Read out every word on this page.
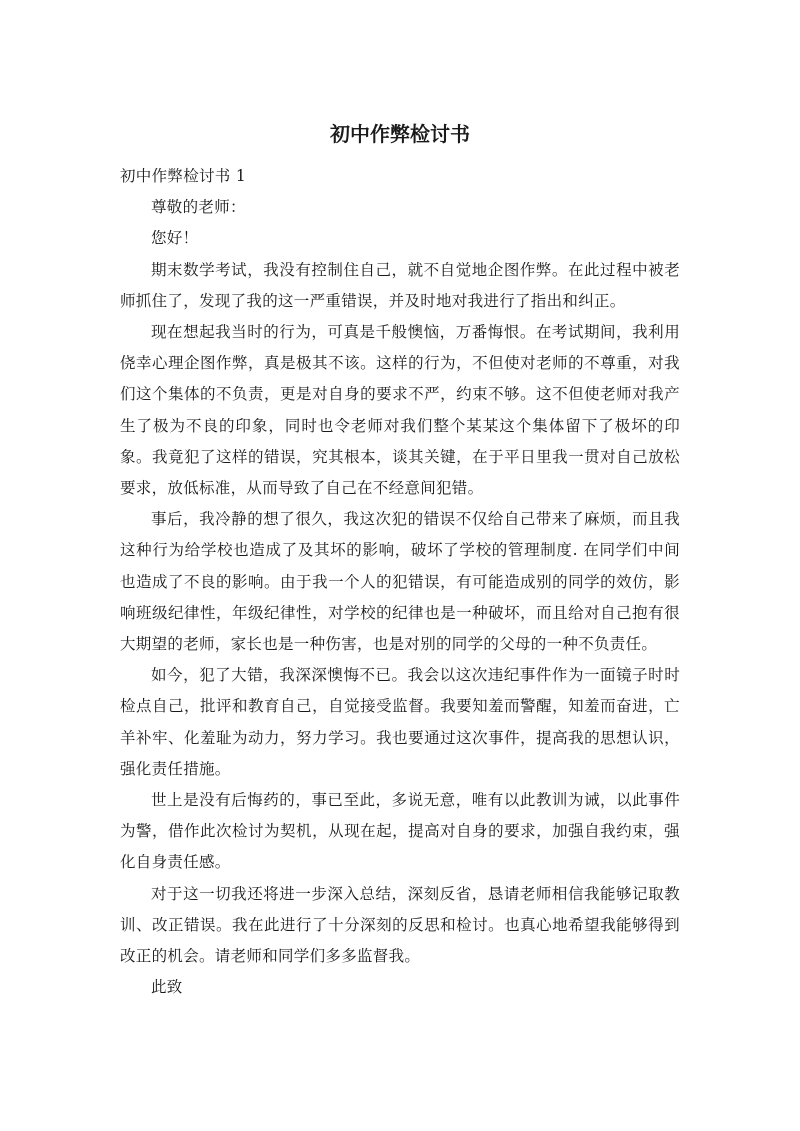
初中作弊检讨书

初中作弊检讨书 1

尊敬的老师：

您好！

期末数学考试，我没有控制住自己，就不自觉地企图作弊。在此过程中被老师抓住了，发现了我的这一严重错误，并及时地对我进行了指出和纠正。

现在想起我当时的行为，可真是千般懊恼，万番悔恨。在考试期间，我利用侥幸心理企图作弊，真是极其不该。这样的行为，不但使对老师的不尊重，对我们这个集体的不负责，更是对自身的要求不严，约束不够。这不但使老师对我产生了极为不良的印象，同时也令老师对我们整个某某这个集体留下了极坏的印象。我竟犯了这样的错误，究其根本，谈其关键，在于平日里我一贯对自己放松要求，放低标准，从而导致了自己在不经意间犯错。

事后，我冷静的想了很久，我这次犯的错误不仅给自己带来了麻烦，而且我这种行为给学校也造成了及其坏的影响，破坏了学校的管理制度. 在同学们中间也造成了不良的影响。由于我一个人的犯错误，有可能造成别的同学的效仿，影响班级纪律性，年级纪律性，对学校的纪律也是一种破坏，而且给对自己抱有很大期望的老师，家长也是一种伤害，也是对别的同学的父母的一种不负责任。

如今，犯了大错，我深深懊悔不已。我会以这次违纪事件作为一面镜子时时检点自己，批评和教育自己，自觉接受监督。我要知羞而警醒，知羞而奋进，亡羊补牢、化羞耻为动力，努力学习。我也要通过这次事件，提高我的思想认识，强化责任措施。

世上是没有后悔药的，事已至此，多说无意，唯有以此教训为诫，以此事件为警，借作此次检讨为契机，从现在起，提高对自身的要求，加强自我约束，强化自身责任感。

对于这一切我还将进一步深入总结，深刻反省，恳请老师相信我能够记取教训、改正错误。我在此进行了十分深刻的反思和检讨。也真心地希望我能够得到改正的机会。请老师和同学们多多监督我。

此致
